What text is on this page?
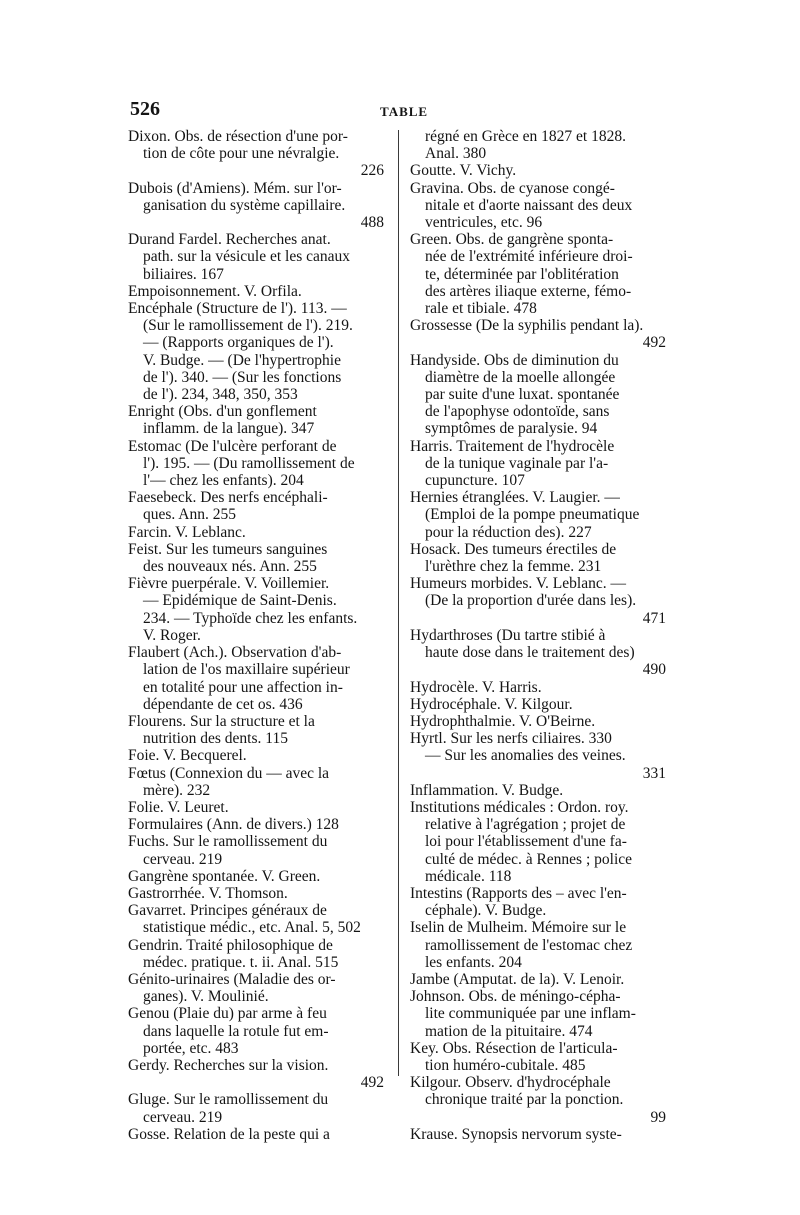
526	TABLE

Dixon. Obs. de résection d'une por-
tion de côte pour une névralgie.
226

Dubois (d'Amiens). Mém. sur l'or-
ganisation du système capillaire.
488

Durand Fardel. Recherches anat.
path. sur la vésicule et les canaux
biliaires. 167

Empoisonnement. V. Orfila.

Encéphale (Structure de l'). 113. —
(Sur le ramollissement de l'). 219.
— (Rapports organiques de l').
V. Budge. — (De l'hypertrophie
de l'). 340. — (Sur les fonctions
de l'). 234, 348, 350, 353

Enright (Obs. d'un gonflement
inflamm. de la langue). 347

Estomac (De l'ulcère perforant de
l'). 195. — (Du ramollissement de
l'— chez les enfants). 204

Faesebeck. Des nerfs encéphali-
ques. Ann. 255

Farcin. V. Leblanc.

Feist. Sur les tumeurs sanguines
des nouveaux nés. Ann. 255

Fièvre puerpérale. V. Voillemier.
— Epidémique de Saint-Denis.
234. — Typhoïde chez les enfants.
V. Roger.

Flaubert (Ach.). Observation d'ab-
lation de l'os maxillaire supérieur
en totalité pour une affection in-
dépendante de cet os. 436

Flourens. Sur la structure et la
nutrition des dents. 115

Foie. V. Becquerel.

Fœtus (Connexion du — avec la
mère). 232

Folie. V. Leuret.

Formulaires (Ann. de divers.) 128

Fuchs. Sur le ramollissement du
cerveau. 219

Gangrène spontanée. V. Green.

Gastrorrhée. V. Thomson.

Gavarret. Principes généraux de
statistique médic., etc. Anal. 5, 502

Gendrin. Traité philosophique de
médec. pratique. t. ii. Anal. 515

Génito-urinaires (Maladie des or-
ganes). V. Moulinié.

Genou (Plaie du) par arme à feu
dans laquelle la rotule fut em-
portée, etc. 483

Gerdy. Recherches sur la vision.
492

Gluge. Sur le ramollissement du
cerveau. 219

Gosse. Relation de la peste qui a

régné en Grèce en 1827 et 1828.
Anal. 380

Goutte. V. Vichy.

Gravina. Obs. de cyanose congé-
nitale et d'aorte naissant des deux
ventricules, etc. 96

Green. Obs. de gangrène sponta-
née de l'extrémité inférieure droi-
te, déterminée par l'oblitération
des artères iliaque externe, fémo-
rale et tibiale. 478

Grossesse (De la syphilis pendant la).
492

Handyside. Obs de diminution du
diamètre de la moelle allongée
par suite d'une luxat. spontanée
de l'apophyse odontoïde, sans
symptômes de paralysie. 94

Harris. Traitement de l'hydrocèle
de la tunique vaginale par l'a-
cupuncture. 107

Hernies étranglées. V. Laugier. —
(Emploi de la pompe pneumatique
pour la réduction des). 227

Hosack. Des tumeurs érectiles de
l'urèthre chez la femme. 231

Humeurs morbides. V. Leblanc. —
(De la proportion d'urée dans les).
471

Hydarthroses (Du tartre stibié à
haute dose dans le traitement des)
490

Hydrocèle. V. Harris.

Hydrocéphale. V. Kilgour.

Hydrophthalmie. V. O'Beirne.

Hyrtl. Sur les nerfs ciliaires. 330
— Sur les anomalies des veines.
331

Inflammation. V. Budge.

Institutions médicales : Ordon. roy.
relative à l'agrégation ; projet de
loi pour l'établissement d'une fa-
culté de médec. à Rennes ; police
médicale. 118

Intestins (Rapports des – avec l'en-
céphale). V. Budge.

Iselin de Mulheim. Mémoire sur le
ramollissement de l'estomac chez
les enfants. 204

Jambe (Amputat. de la). V. Lenoir.

Johnson. Obs. de méningo-cépha-
lite communiquée par une inflam-
mation de la pituitaire. 474

Key. Obs. Résection de l'articula-
tion huméro-cubitale. 485

Kilgour. Observ. d'hydrocéphale
chronique traité par la ponction.
99

Krause. Synopsis nervorum syste-
